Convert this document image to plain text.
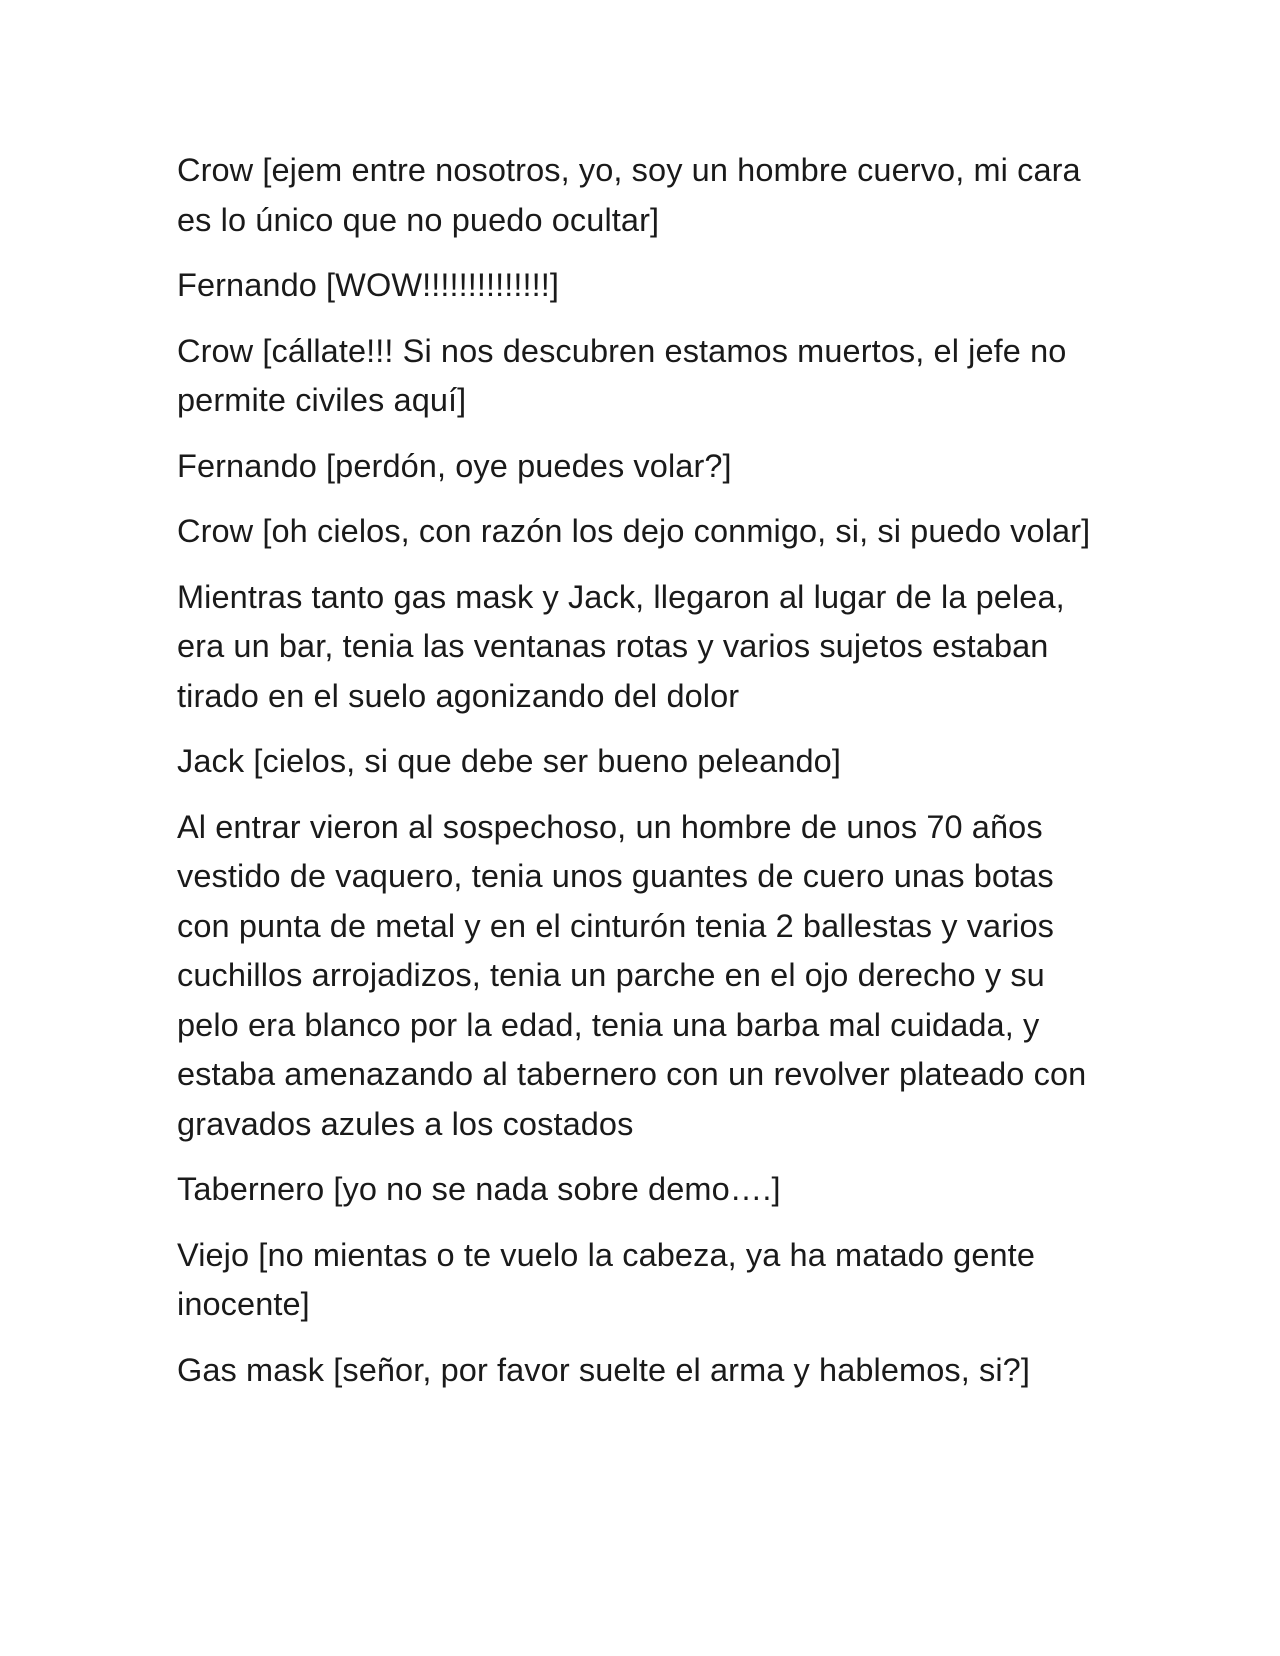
Crow [ejem entre nosotros, yo, soy un hombre cuervo, mi cara es lo único que no puedo ocultar]

Fernando [WOW!!!!!!!!!!!!!!]

Crow [cállate!!! Si nos descubren estamos muertos, el jefe no permite civiles aquí]

Fernando [perdón, oye puedes volar?]

Crow [oh cielos, con razón los dejo conmigo, si, si puedo volar]

Mientras tanto gas mask y Jack, llegaron al lugar de la pelea, era un bar, tenia las ventanas rotas y varios sujetos estaban tirado en el suelo agonizando del dolor

Jack [cielos, si que debe ser bueno peleando]

Al entrar vieron al sospechoso, un hombre de unos 70 años vestido de vaquero, tenia unos guantes de cuero unas botas con punta de metal y en el cinturón tenia 2 ballestas y varios cuchillos arrojadizos, tenia un parche en el ojo derecho y su pelo era blanco por la edad, tenia una barba mal cuidada, y estaba amenazando al tabernero con un revolver plateado con gravados azules a los costados

Tabernero [yo no se nada sobre demo….]

Viejo [no mientas o te vuelo la cabeza, ya ha matado gente inocente]

Gas mask [señor, por favor suelte el arma y hablemos, si?]
